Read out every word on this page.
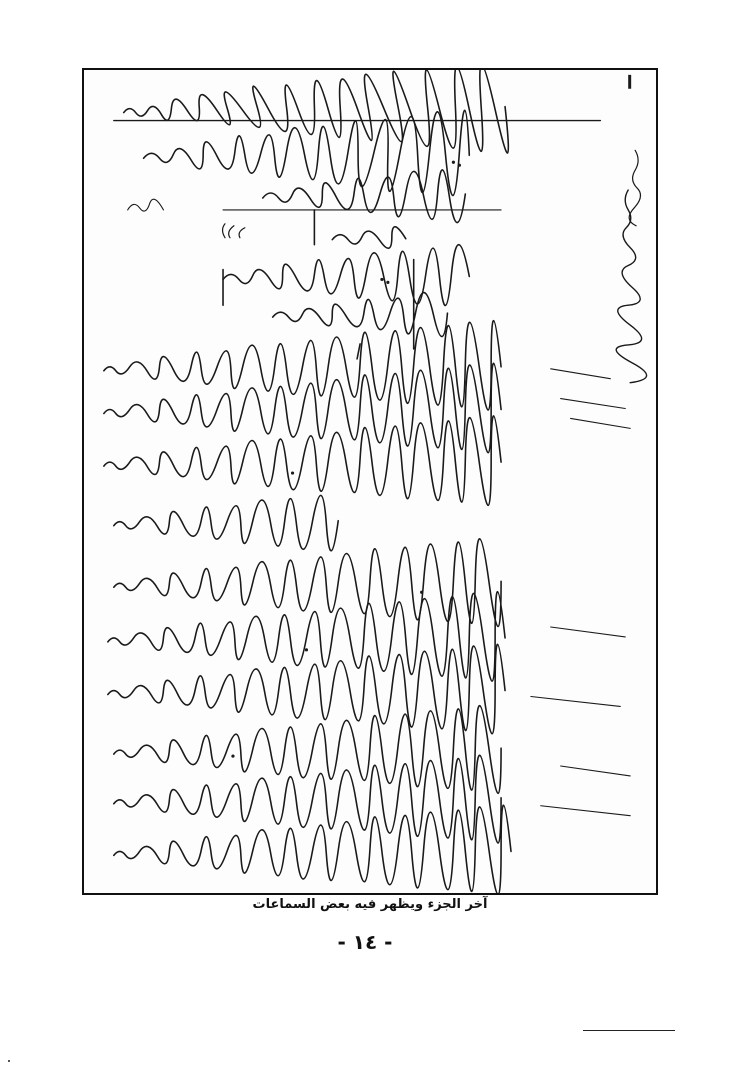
آخر الجزء ويظهر فيه بعض السماعات
- ١٤ -
